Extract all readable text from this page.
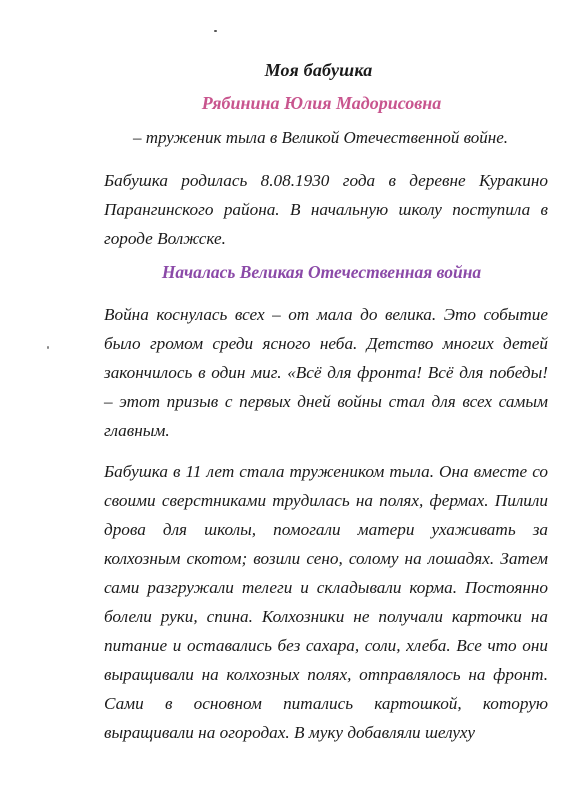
Моя бабушка
Рябинина Юлия Мадорисовна
– труженик тыла в Великой Отечественной войне.
Бабушка родилась 8.08.1930 года в деревне Куракино Парангинского района. В начальную школу поступила в городе Волжске.
Началась Великая Отечественная война
Война коснулась всех – от мала до велика. Это событие было громом среди ясного неба. Детство многих детей закончилось в один миг. «Всё для фронта! Всё для победы! – этот призыв с первых дней войны стал для всех самым главным.
Бабушка в 11 лет стала тружеником тыла. Она вместе со своими сверстниками трудилась на полях, фермах. Пилили дрова для школы, помогали матери ухаживать за колхозным скотом; возили сено, солому на лошадях. Затем сами разгружали телеги и складывали корма. Постоянно болели руки, спина. Колхозники не получали карточки на питание и оставались без сахара, соли, хлеба. Все что они выращивали на колхозных полях, отправлялось на фронт. Сами в основном питались картошкой, которую выращивали на огородах. В муку добавляли шелуху
